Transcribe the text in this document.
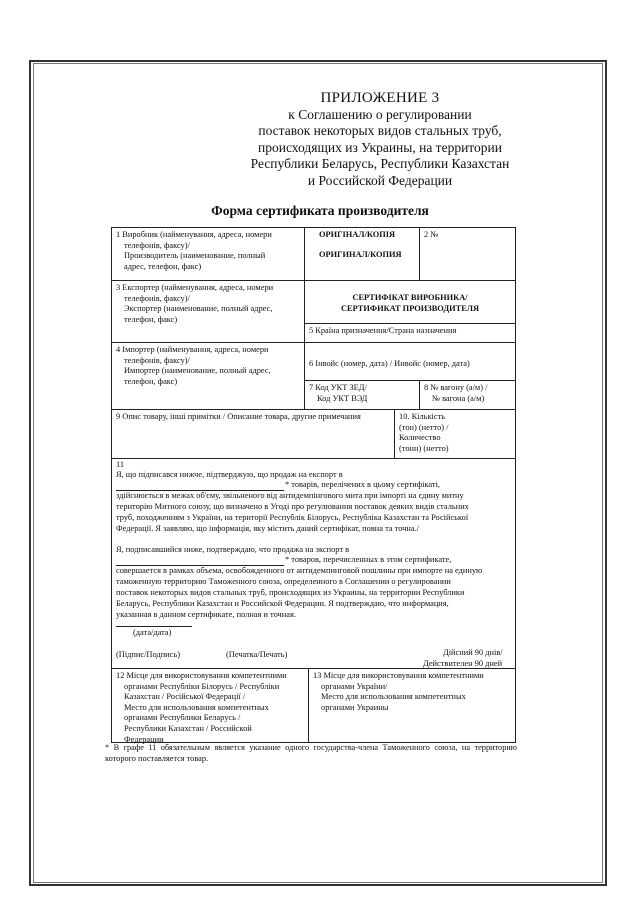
ПРИЛОЖЕНИЕ 3
к Соглашению о регулировании
поставок некоторых видов стальных труб,
происходящих из Украины, на территории
Республики Беларусь, Республики Казахстан
и Российской Федерации
Форма сертификата производителя
1 Виробник (найменування, адреса, номери
телефонів, факсу)/
Производитель (наименование, полный
адрес, телефон, факс)
ОРИГІНАЛ/КОПІЯ
ОРИГИНАЛ/КОПИЯ
2 №
3 Експортер (найменування, адреса, номери
телефонів, факсу)/
Экспортер (наименование, полный адрес,
телефон, факс)
СЕРТИФІКАТ ВИРОБНИКА/
СЕРТИФИКАТ ПРОИЗВОДИТЕЛЯ
5 Країна призначення/Страна назначения
4 Імпортер (найменування, адреса, номери
телефонів, факсу)/
Импортер (наименование, полный адрес,
телефон, факс)
6 Інвойс (номер, дата) / Инвойс (номер, дата)
7 Код УКТ ЗЕД/
Код УКТ ВЭД
8 № вагону (а/м) /
№ вагона (а/м)
9 Опис товару, інші примітки / Описание товара, другие примечания	10. Кількість
(тон) (нетто) /
Количество
(тонн) (нетто)
11
Я, що підписався нижче, підтверджую, що продаж на експорт в
* товарів, перелічених в цьому сертифікаті,
здійснюється в межах об'єму, звільненого від антидемпінгового мита при імпорті на єдину митну
територію Митного союзу, що визначено в Угоді про регулювання поставок деяких видів стальних
труб, походженням з України, на території Республік Білорусь, Республіка Казахстан та Російської
Федерації. Я заявляю, що інформація, яку містить даний сертифікат, повна та точна./
Я, подписавшийся ниже, подтверждаю, что продажа на экспорт в
* товаров, перечисленных в этом сертификате,
совершается в рамках объема, освобожденного от антидемпинговой пошлины при импорте на единую
таможенную территорию Таможенного союза, определенного в Соглашении о регулировании
поставок некоторых видов стальных труб, происходящих из Украины, на территории Республики
Беларусь, Республики Казахстан и Российской Федерации. Я подтверждаю, что информация,
указанная в данном сертификате, полная и точная.
(дата/дата)
(Підпис/Подпись)	(Печатка/Печать)	Дійсний 90 днів/
Действителен 90 дней
12 Місце для використовування компетентними
органами Республіки Білорусь / Республіки
Казахстан / Російської Федерації /
Место для использования компетентных
органами Республики Беларусь /
Республики Казахстан / Российской
Федерации
13 Місце для використовування компетентними
органами України/
Место для использования компетентных
органами Украины
* В графе 11 обязательным является указание одного государства-члена Таможенного союза, на территорию которого поставляется товар.
